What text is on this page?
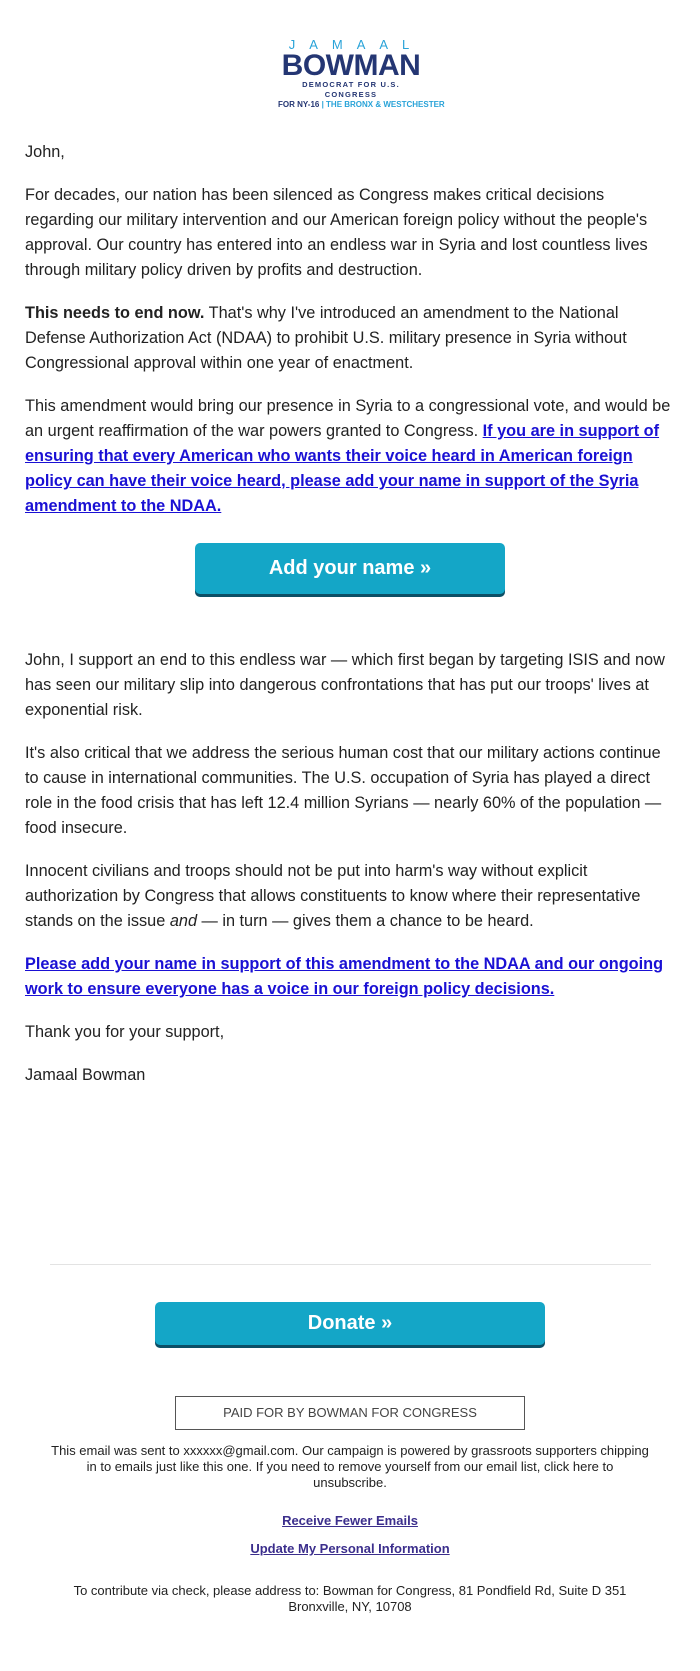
JAMAAL
BOWMAN
DEMOCRAT FOR U.S. CONGRESS
FOR NY-16 | THE BRONX & WESTCHESTER

John,

For decades, our nation has been silenced as Congress makes critical decisions regarding our military intervention and our American foreign policy without the people's approval. Our country has entered into an endless war in Syria and lost countless lives through military policy driven by profits and destruction.

This needs to end now. That's why I've introduced an amendment to the National Defense Authorization Act (NDAA) to prohibit U.S. military presence in Syria without Congressional approval within one year of enactment.

This amendment would bring our presence in Syria to a congressional vote, and would be an urgent reaffirmation of the war powers granted to Congress. If you are in support of ensuring that every American who wants their voice heard in American foreign policy can have their voice heard, please add your name in support of the Syria amendment to the NDAA.

John, I support an end to this endless war — which first began by targeting ISIS and now has seen our military slip into dangerous confrontations that has put our troops' lives at exponential risk.

It's also critical that we address the serious human cost that our military actions continue to cause in international communities. The U.S. occupation of Syria has played a direct role in the food crisis that has left 12.4 million Syrians — nearly 60% of the population — food insecure.

Innocent civilians and troops should not be put into harm's way without explicit authorization by Congress that allows constituents to know where their representative stands on the issue and — in turn — gives them a chance to be heard.

Please add your name in support of this amendment to the NDAA and our ongoing work to ensure everyone has a voice in our foreign policy decisions.

Thank you for your support,

Jamaal Bowman

Add your name »
Donate »
PAID FOR BY BOWMAN FOR CONGRESS
This email was sent to xxxxxx@gmail.com. Our campaign is powered by grassroots supporters chipping in to emails just like this one. If you need to remove yourself from our email list, click here to unsubscribe.
Receive Fewer Emails
Update My Personal Information
To contribute via check, please address to: Bowman for Congress, 81 Pondfield Rd, Suite D 351 Bronxville, NY, 10708
